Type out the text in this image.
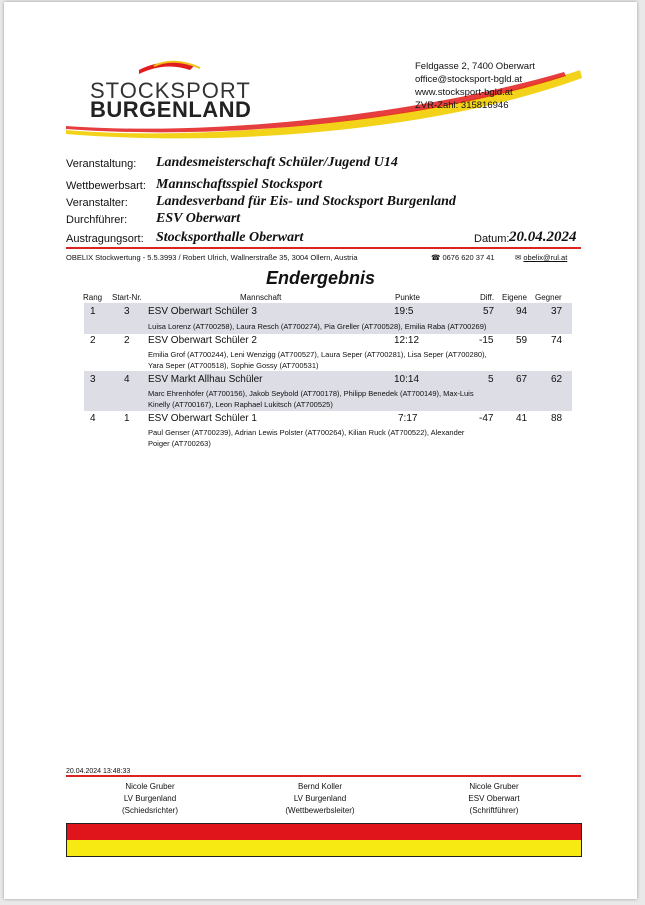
STOCKSPORT
BURGENLAND
Feldgasse 2, 7400 Oberwart
office@stocksport-bgld.at
www.stocksport-bgld.at
ZVR-Zahl: 315816946
Veranstaltung: Landesmeisterschaft Schüler/Jugend U14
Wettbewerbsart: Mannschaftsspiel Stocksport
Veranstalter: Landesverband für Eis- und Stocksport Burgenland
Durchführer: ESV Oberwart
Austragungsort: Stocksporthalle Oberwart	Datum: 20.04.2024
OBELIX Stockwertung - 5.5.3993 / Robert Ulrich, Wallnerstraße 35, 3004 Ollern, Austria	☎ 0676 620 37 41	✉ obelix@rul.at
Endergebnis
Rang Start-Nr.	Mannschaft	Punkte	Diff. Eigene Gegner
1	3 ESV Oberwart Schüler 3	19:5	57 94 37
Luisa Lorenz (AT700258), Laura Resch (AT700274), Pia Greller (AT700528), Emilia Raba (AT700269)
2	2 ESV Oberwart Schüler 2	12:12	-15 59 74
Emilia Grof (AT700244), Leni Wenzigg (AT700527), Laura Seper (AT700281), Lisa Seper (AT700280), Yara Seper (AT700518), Sophie Gossy (AT700531)
3	4 ESV Markt Allhau Schüler	10:14	5 67 62
Marc Ehrenhöfer (AT700156), Jakob Seybold (AT700178), Philipp Benedek (AT700149), Max-Luis Kinelly (AT700167), Leon Raphael Lukitsch (AT700525)
4	1 ESV Oberwart Schüler 1	7:17	-47 41 88
Paul Genser (AT700239), Adrian Lewis Polster (AT700264), Kilian Ruck (AT700522), Alexander Poiger (AT700263)
20.04.2024 13:48:33
Nicole Gruber
LV Burgenland
(Schiedsrichter)
Bernd Koller
LV Burgenland
(Wettbewerbsleiter)
Nicole Gruber
ESV Oberwart
(Schriftführer)
